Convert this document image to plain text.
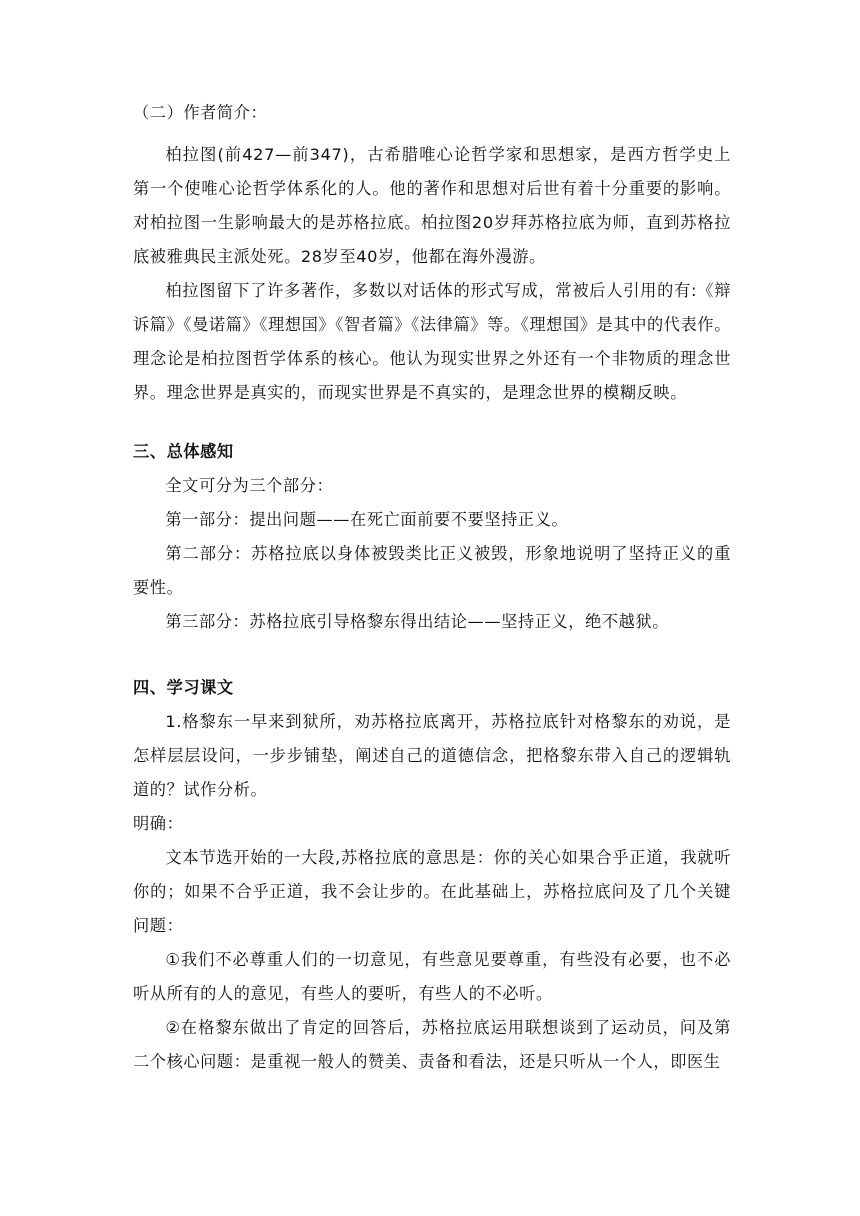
（二）作者简介：

柏拉图(前427—前347)，古希腊唯心论哲学家和思想家，是西方哲学史上第一个使唯心论哲学体系化的人。他的著作和思想对后世有着十分重要的影响。对柏拉图一生影响最大的是苏格拉底。柏拉图20岁拜苏格拉底为师，直到苏格拉底被雅典民主派处死。28岁至40岁，他都在海外漫游。

柏拉图留下了许多著作，多数以对话体的形式写成，常被后人引用的有:《辩诉篇》《曼诺篇》《理想国》《智者篇》《法律篇》等。《理想国》是其中的代表作。理念论是柏拉图哲学体系的核心。他认为现实世界之外还有一个非物质的理念世界。理念世界是真实的，而现实世界是不真实的，是理念世界的模糊反映。

三、总体感知

全文可分为三个部分：

第一部分：提出问题——在死亡面前要不要坚持正义。

第二部分：苏格拉底以身体被毁类比正义被毁，形象地说明了坚持正义的重要性。

第三部分：苏格拉底引导格黎东得出结论——坚持正义，绝不越狱。

四、学习课文

1.格黎东一早来到狱所，劝苏格拉底离开，苏格拉底针对格黎东的劝说，是怎样层层设问，一步步铺垫，阐述自己的道德信念，把格黎东带入自己的逻辑轨道的？试作分析。

明确：

文本节选开始的一大段,苏格拉底的意思是：你的关心如果合乎正道，我就听你的；如果不合乎正道，我不会让步的。在此基础上，苏格拉底问及了几个关键问题：

①我们不必尊重人们的一切意见，有些意见要尊重，有些没有必要，也不必听从所有的人的意见，有些人的要听，有些人的不必听。

②在格黎东做出了肯定的回答后，苏格拉底运用联想谈到了运动员，问及第二个核心问题：是重视一般人的赞美、责备和看法，还是只听从一个人，即医生
